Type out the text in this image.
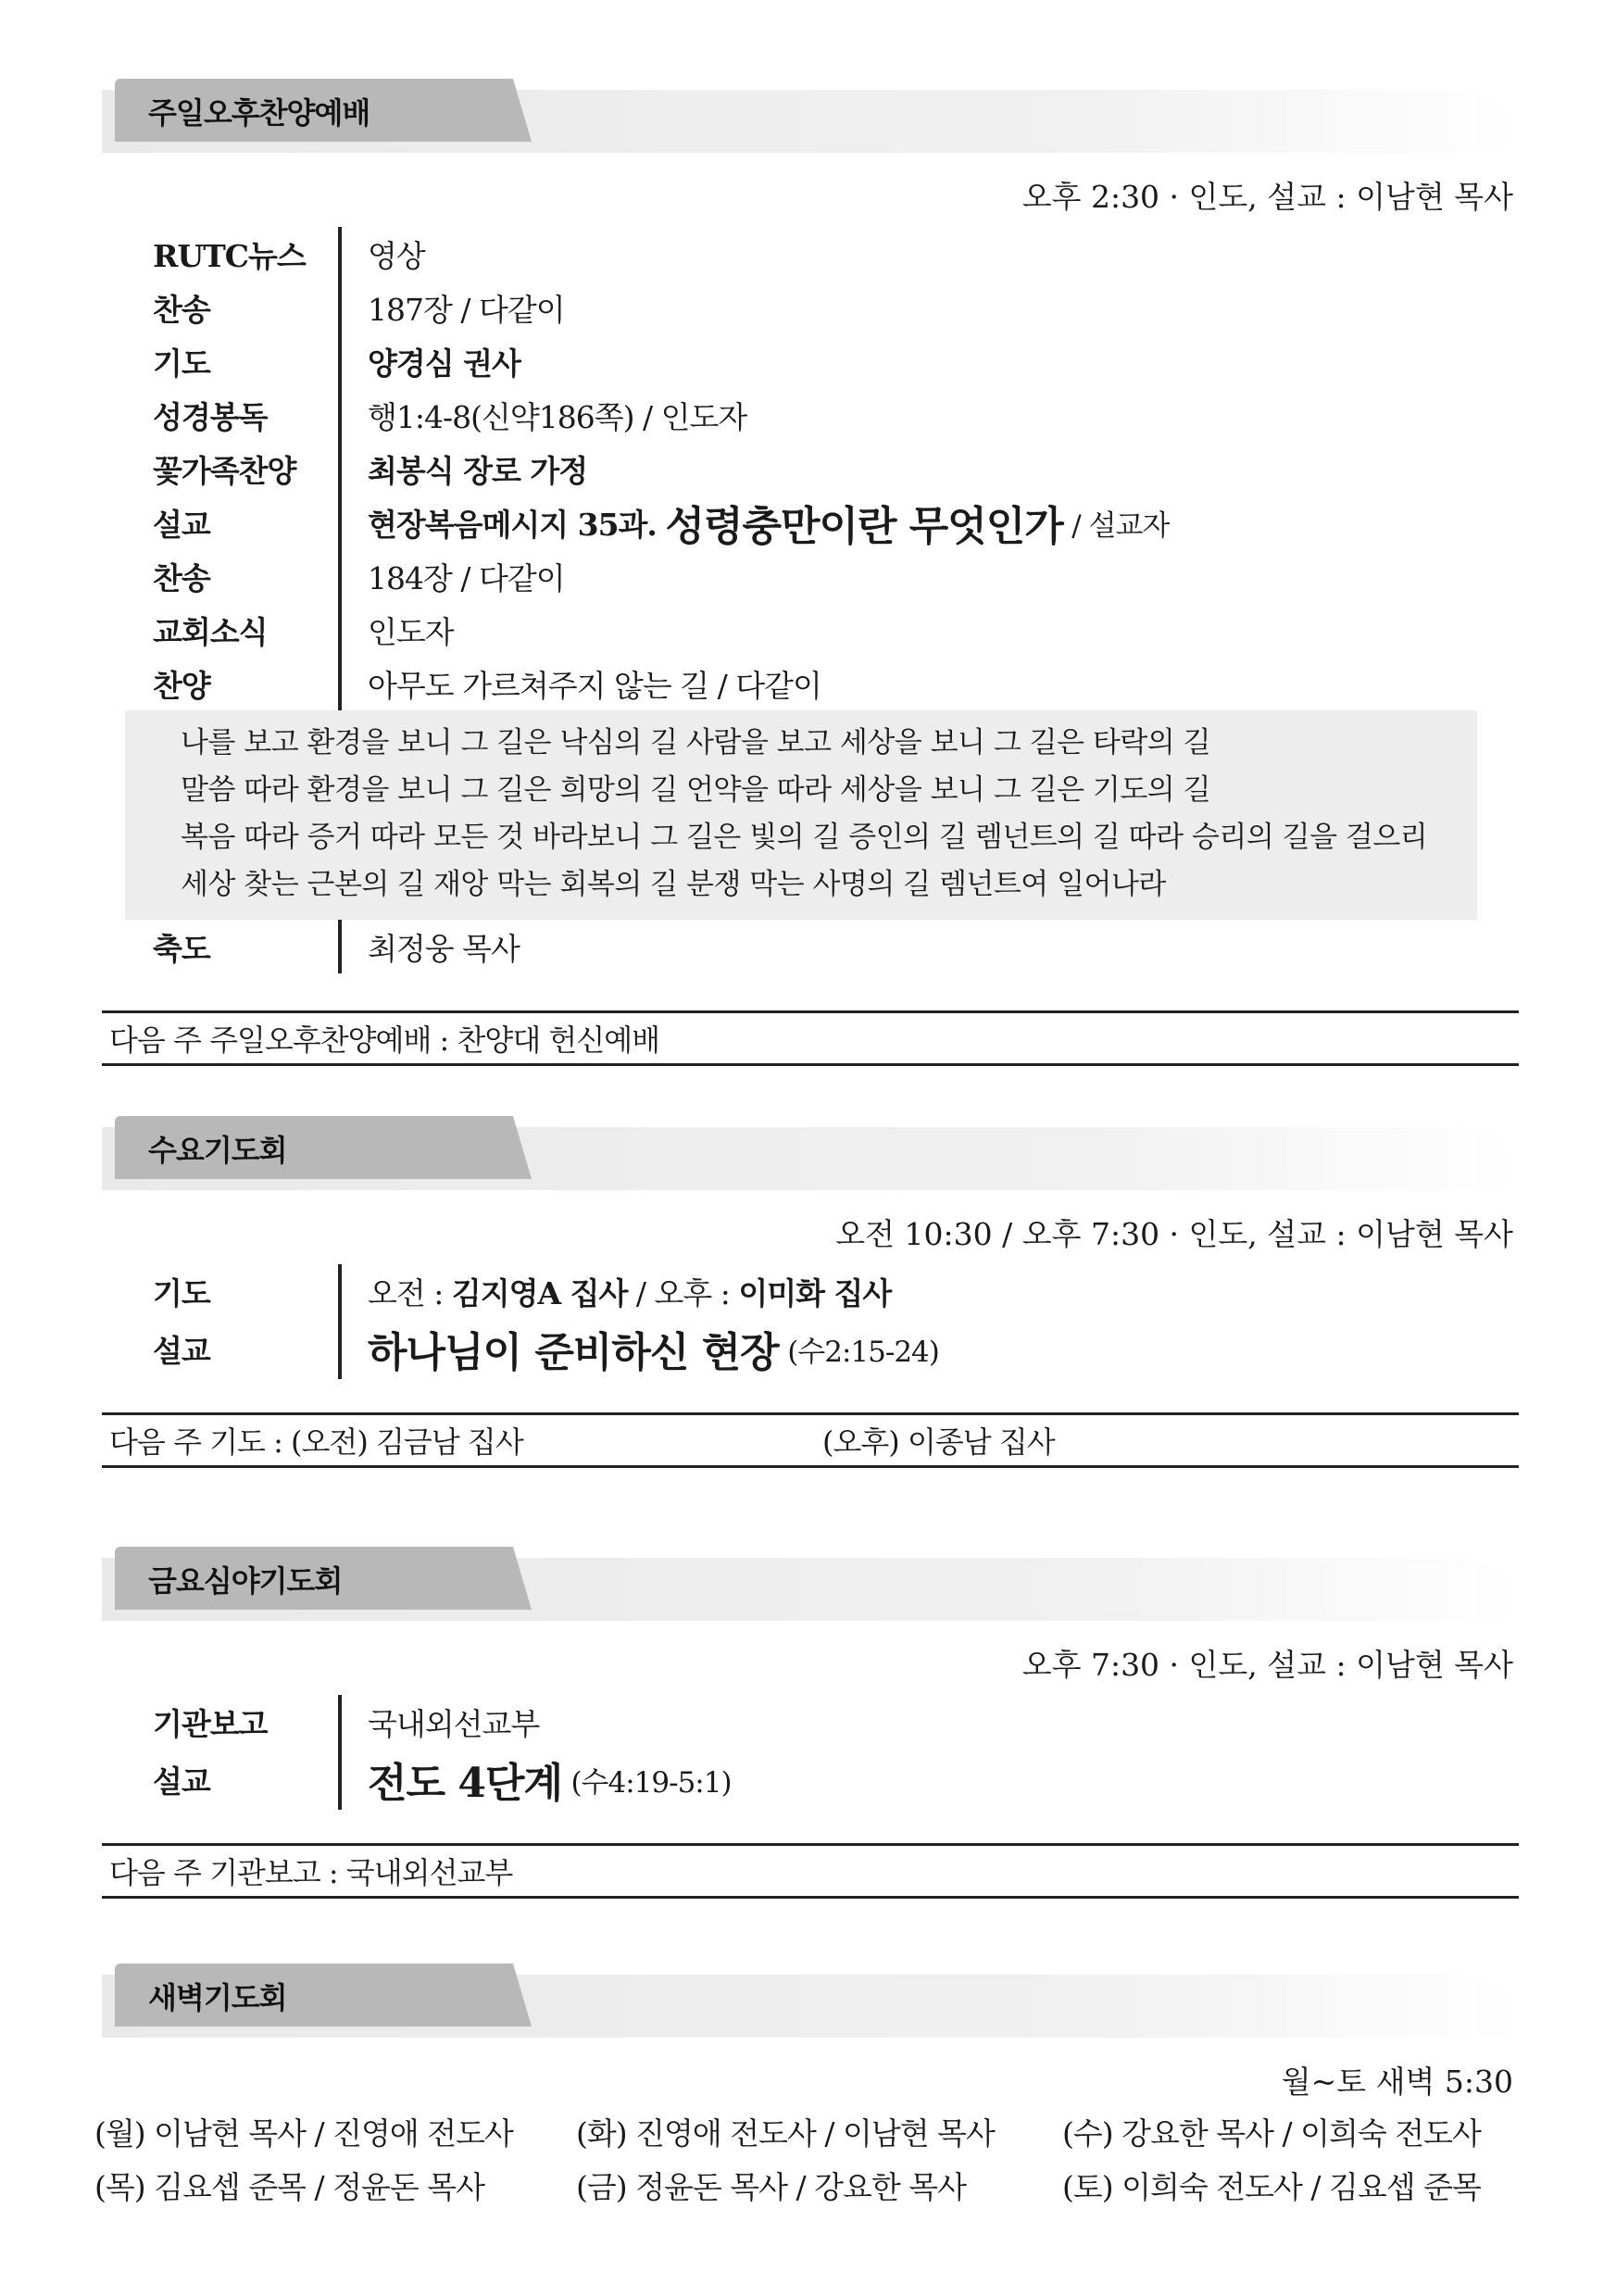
주일오후찬양예배
오후 2:30 · 인도, 설교 : 이남현 목사
RUTC뉴스	영상
찬송	187장 / 다같이
기도	양경심 권사
성경봉독	행1:4-8(신약186쪽) / 인도자
꽃가족찬양	최봉식 장로 가정
설교	현장복음메시지 35과.
성령충만이란 무엇인가
/ 설교자
찬송	184장 / 다같이
교회소식	인도자
찬양	아무도 가르쳐주지 않는 길 / 다같이
나를 보고 환경을 보니 그 길은 낙심의 길 사람을 보고 세상을 보니 그 길은 타락의 길
말씀 따라 환경을 보니 그 길은 희망의 길 언약을 따라 세상을 보니 그 길은 기도의 길
복음 따라 증거 따라 모든 것 바라보니 그 길은 빛의 길 증인의 길 렘넌트의 길 따라 승리의 길을 걸으리
세상 찾는 근본의 길 재앙 막는 회복의 길 분쟁 막는 사명의 길 렘넌트여 일어나라
축도	최정웅 목사
다음 주 주일오후찬양예배 : 찬양대 헌신예배
수요기도회
오전 10:30 / 오후 7:30 · 인도, 설교 : 이남현 목사
기도	오전 :
김지영A 집사
/ 오후 :
이미화 집사
설교	하나님이 준비하신 현장
(수2:15-24)
다음 주 기도 : (오전) 김금남 집사	(오후) 이종남 집사
금요심야기도회
오후 7:30 · 인도, 설교 : 이남현 목사
기관보고	국내외선교부
설교	전도 4단계
(수4:19-5:1)
다음 주 기관보고 : 국내외선교부
새벽기도회
월~토 새벽 5:30
(월) 이남현 목사 / 진영애 전도사	(화) 진영애 전도사 / 이남현 목사	(수) 강요한 목사 / 이희숙 전도사
(목) 김요셉 준목 / 정윤돈 목사	(금) 정윤돈 목사 / 강요한 목사	(토) 이희숙 전도사 / 김요셉 준목
